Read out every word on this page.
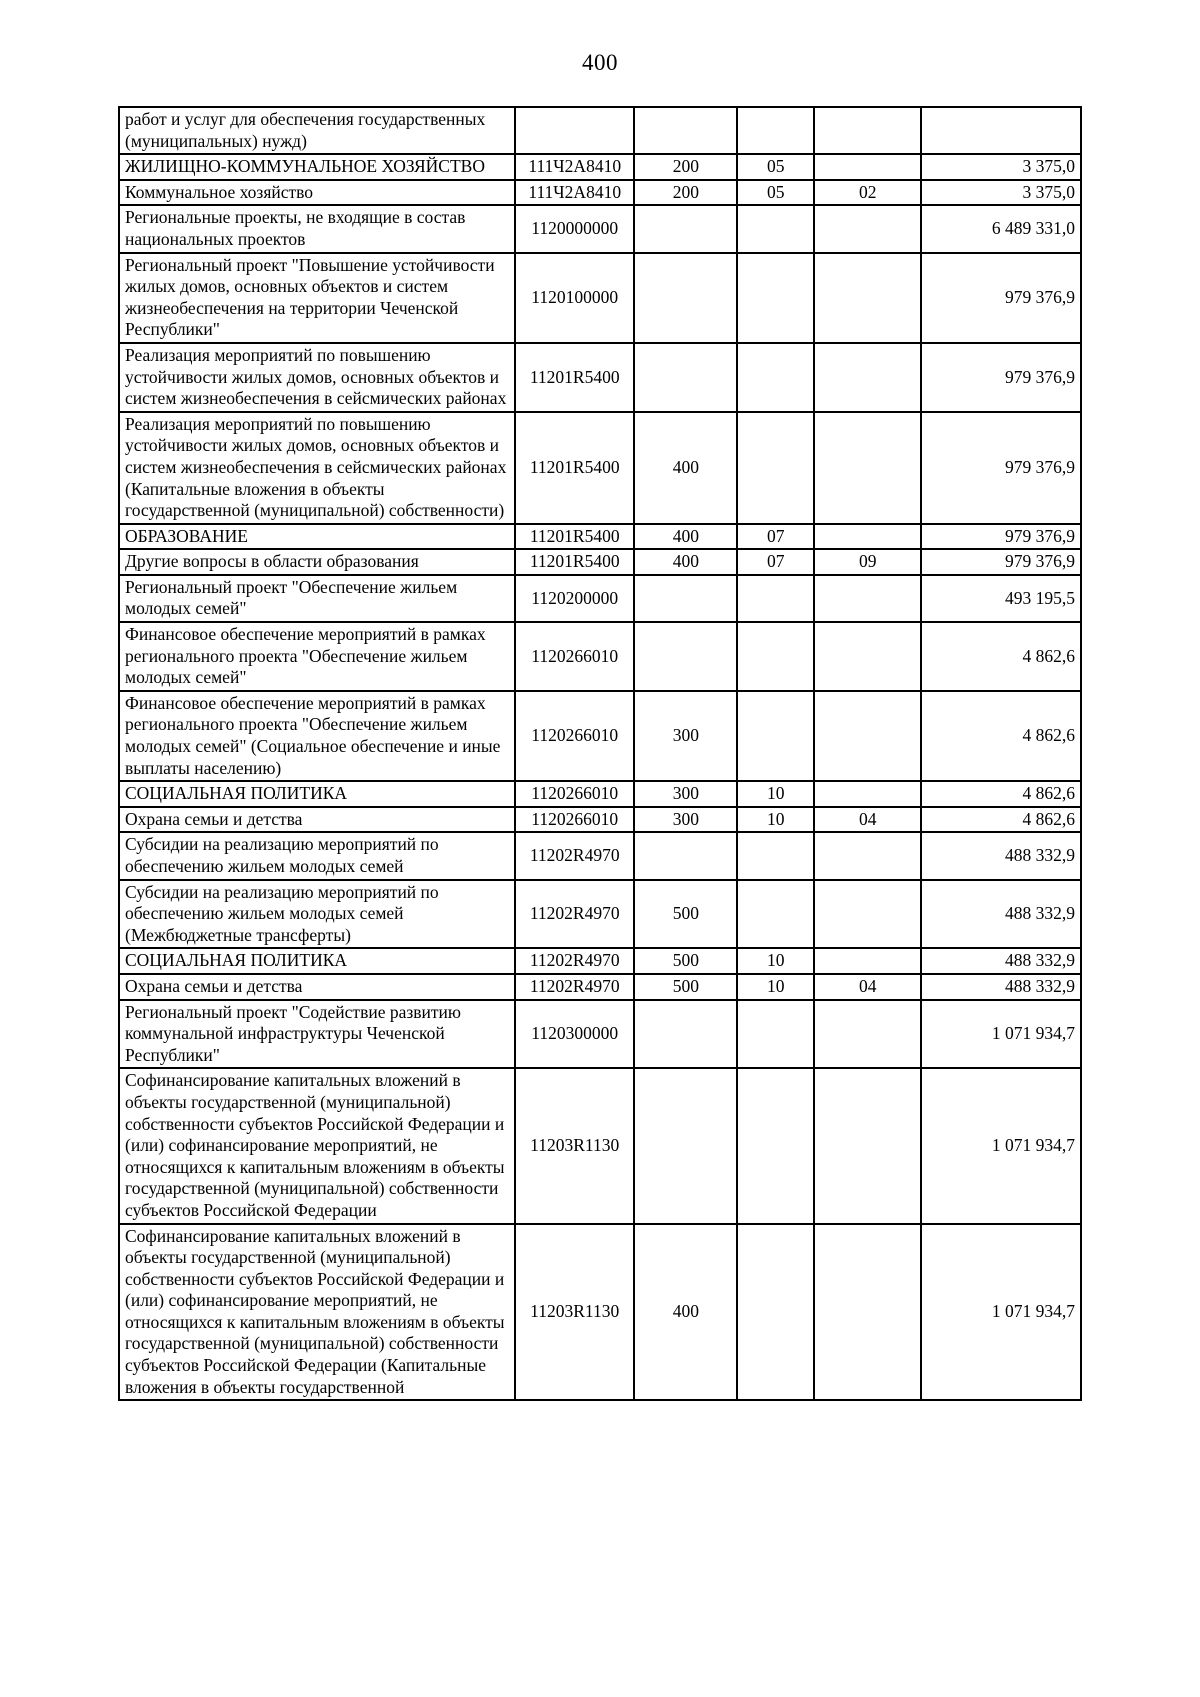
400
работ и услуг для обеспечения государственных (муниципальных) нужд)					
ЖИЛИЩНО-КОММУНАЛЬНОЕ ХОЗЯЙСТВО	111Ч2А8410	200	05		3 375,0
Коммунальное хозяйство	111Ч2А8410	200	05	02	3 375,0
Региональные проекты, не входящие в состав национальных проектов	1120000000				6 489 331,0
Региональный проект "Повышение устойчивости жилых домов, основных объектов и систем жизнеобеспечения на территории Чеченской Республики"	1120100000				979 376,9
Реализация мероприятий по повышению устойчивости жилых домов, основных объектов и систем жизнеобеспечения в сейсмических районах	11201R5400				979 376,9
Реализация мероприятий по повышению устойчивости жилых домов, основных объектов и систем жизнеобеспечения в сейсмических районах (Капитальные вложения в объекты государственной (муниципальной) собственности)	11201R5400	400			979 376,9
ОБРАЗОВАНИЕ	11201R5400	400	07		979 376,9
Другие вопросы в области образования	11201R5400	400	07	09	979 376,9
Региональный проект "Обеспечение жильем молодых семей"	1120200000				493 195,5
Финансовое обеспечение мероприятий в рамках регионального проекта "Обеспечение жильем молодых семей"	1120266010				4 862,6
Финансовое обеспечение мероприятий в рамках регионального проекта "Обеспечение жильем молодых семей" (Социальное обеспечение и иные выплаты населению)	1120266010	300			4 862,6
СОЦИАЛЬНАЯ ПОЛИТИКА	1120266010	300	10		4 862,6
Охрана семьи и детства	1120266010	300	10	04	4 862,6
Субсидии на реализацию мероприятий по обеспечению жильем молодых семей	11202R4970				488 332,9
Субсидии на реализацию мероприятий по обеспечению жильем молодых семей (Межбюджетные трансферты)	11202R4970	500			488 332,9
СОЦИАЛЬНАЯ ПОЛИТИКА	11202R4970	500	10		488 332,9
Охрана семьи и детства	11202R4970	500	10	04	488 332,9
Региональный проект "Содействие развитию коммунальной инфраструктуры Чеченской Республики"	1120300000				1 071 934,7
Софинансирование капитальных вложений в объекты государственной (муниципальной) собственности субъектов Российской Федерации и (или) софинансирование мероприятий, не относящихся к капитальным вложениям в объекты государственной (муниципальной) собственности субъектов Российской Федерации	11203R1130				1 071 934,7
Софинансирование капитальных вложений в объекты государственной (муниципальной) собственности субъектов Российской Федерации и (или) софинансирование мероприятий, не относящихся к капитальным вложениям в объекты государственной (муниципальной) собственности субъектов Российской Федерации (Капитальные вложения в объекты государственной	11203R1130	400			1 071 934,7
